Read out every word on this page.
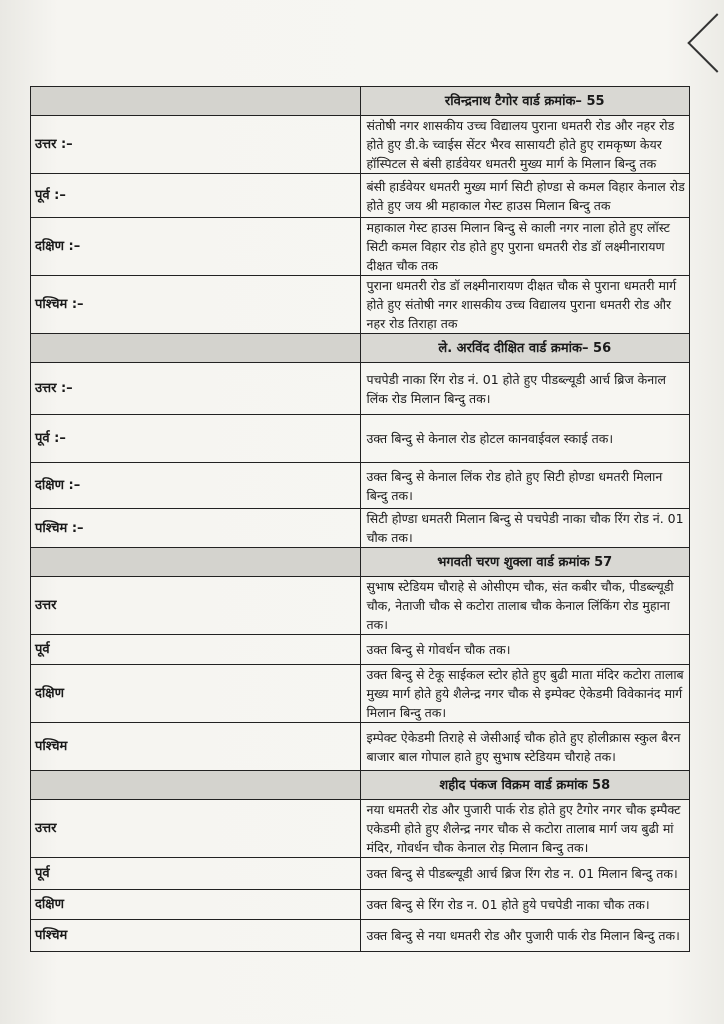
	रविन्द्रनाथ टैगोर वार्ड क्रमांक– 55
उत्तर :–	संतोषी नगर शासकीय उच्च विद्यालय पुराना धमतरी रोड और नहर रोड होते हुए डी.के च्वाईस सेंटर भैरव सासायटी होते हुए रामकृष्ण केयर हॉस्पिटल से बंसी हार्डवेयर धमतरी मुख्य मार्ग के मिलान बिन्दु तक
पूर्व :–	बंसी हार्डवेयर धमतरी मुख्य मार्ग सिटी होण्डा से कमल विहार केनाल रोड होते हुए जय श्री महाकाल गेस्ट हाउस मिलान बिन्दु तक
दक्षिण :–	महाकाल गेस्ट हाउस मिलान बिन्दु से काली नगर नाला होते हुए लॉस्ट सिटी कमल विहार रोड होते हुए पुराना धमतरी रोड डॉ लक्ष्मीनारायण दीक्षत चौक तक
पश्चिम :–	पुराना धमतरी रोड डॉ लक्ष्मीनारायण दीक्षत चौक से पुराना धमतरी मार्ग होते हुए संतोषी नगर शासकीय उच्च विद्यालय पुराना धमतरी रोड और नहर रोड तिराहा तक
	ले. अरविंद दीक्षित वार्ड क्रमांक– 56
उत्तर :–	पचपेडी नाका रिंग रोड नं. 01 होते हुए पीडब्ल्यूडी आर्च ब्रिज केनाल लिंक रोड मिलान बिन्दु तक।
पूर्व :–	उक्त बिन्दु से केनाल रोड होटल कानवाईवल स्काई तक।
दक्षिण :–	उक्त बिन्दु से केनाल लिंक रोड होते हुए सिटी होण्डा धमतरी मिलान बिन्दु तक।
पश्चिम :–	सिटी होण्डा धमतरी मिलान बिन्दु से पचपेडी नाका चौक रिंग रोड नं. 01 चौक तक।
	भगवती चरण शुक्ला वार्ड क्रमांक 57
उत्तर	सुभाष स्टेडियम चौराहे से ओसीएम चौक, संत कबीर चौक, पीडब्ल्यूडी चौक, नेताजी चौक से कटोरा तालाब चौक केनाल लिंकिंग रोड मुहाना तक।
पूर्व	उक्त बिन्दु से गोवर्धन चौक तक।
दक्षिण	उक्त बिन्दु से टेकू साईकल स्टोर होते हुए बुढी माता मंदिर कटोरा तालाब मुख्य मार्ग होते हुये शैलेन्द्र नगर चौक से इम्पेक्ट ऐकेडमी विवेकानंद मार्ग मिलान बिन्दु तक।
पश्चिम	इम्पेक्ट ऐकेडमी तिराहे से जेसीआई चौक होते हुए होलीक्रास स्कुल बैरन बाजार बाल गोपाल हाते हुए सुभाष स्टेडियम चौराहे तक।
	शहीद पंकज विक्रम वार्ड क्रमांक 58
उत्तर	नया धमतरी रोड और पुजारी पार्क रोड होते हुए टैगोर नगर चौक इम्पैक्ट एकेडमी होते हुए शैलेन्द्र नगर चौक से कटोरा तालाब मार्ग जय बुढी मां मंदिर, गोवर्धन चौक केनाल रोड़ मिलान बिन्दु तक।
पूर्व	उक्त बिन्दु से पीडब्ल्यूडी आर्च ब्रिज रिंग रोड न. 01 मिलान बिन्दु तक।
दक्षिण	उक्त बिन्दु से रिंग रोड न. 01 होते हुये पचपेडी नाका चौक तक।
पश्चिम	उक्त बिन्दु से नया धमतरी रोड और पुजारी पार्क रोड मिलान बिन्दु तक।
